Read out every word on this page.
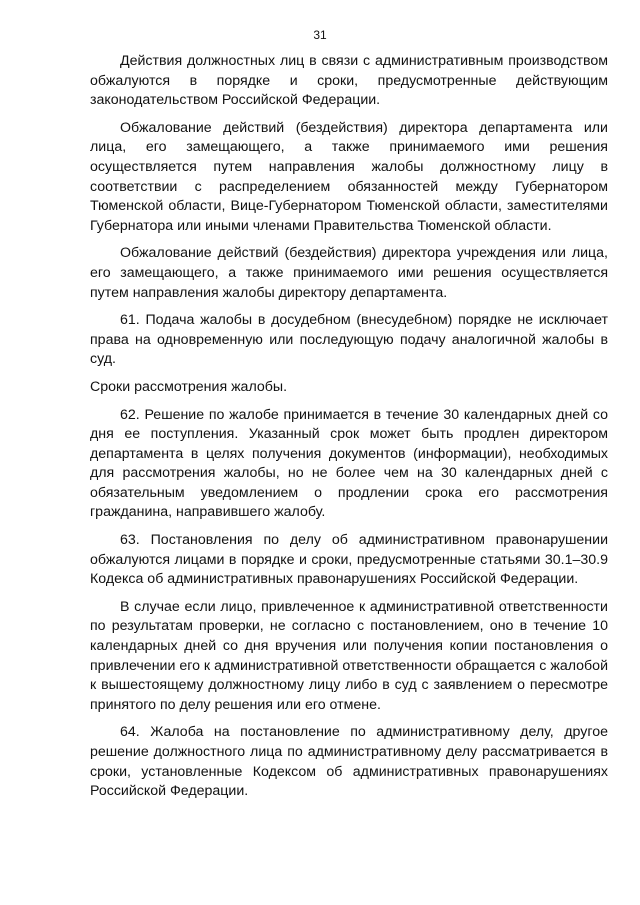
31

Действия должностных лиц в связи с административным производством обжалуются в порядке и сроки, предусмотренные действующим законодательством Российской Федерации.

Обжалование действий (бездействия) директора департамента или лица, его замещающего, а также принимаемого ими решения осуществляется путем направления жалобы должностному лицу в соответствии с распределением обязанностей между Губернатором Тюменской области, Вице-Губернатором Тюменской области, заместителями Губернатора или иными членами Правительства Тюменской области.

Обжалование действий (бездействия) директора учреждения или лица, его замещающего, а также принимаемого ими решения осуществляется путем направления жалобы директору департамента.

61. Подача жалобы в досудебном (внесудебном) порядке не исключает права на одновременную или последующую подачу аналогичной жалобы в суд.

Сроки рассмотрения жалобы.

62. Решение по жалобе принимается в течение 30 календарных дней со дня ее поступления. Указанный срок может быть продлен директором департамента в целях получения документов (информации), необходимых для рассмотрения жалобы, но не более чем на 30 календарных дней с обязательным уведомлением о продлении срока его рассмотрения гражданина, направившего жалобу.

63. Постановления по делу об административном правонарушении обжалуются лицами в порядке и сроки, предусмотренные статьями 30.1–30.9 Кодекса об административных правонарушениях Российской Федерации.

В случае если лицо, привлеченное к административной ответственности по результатам проверки, не согласно с постановлением, оно в течение 10 календарных дней со дня вручения или получения копии постановления о привлечении его к административной ответственности обращается с жалобой к вышестоящему должностному лицу либо в суд с заявлением о пересмотре принятого по делу решения или его отмене.

64. Жалоба на постановление по административному делу, другое решение должностного лица по административному делу рассматривается в сроки, установленные Кодексом об административных правонарушениях Российской Федерации.
